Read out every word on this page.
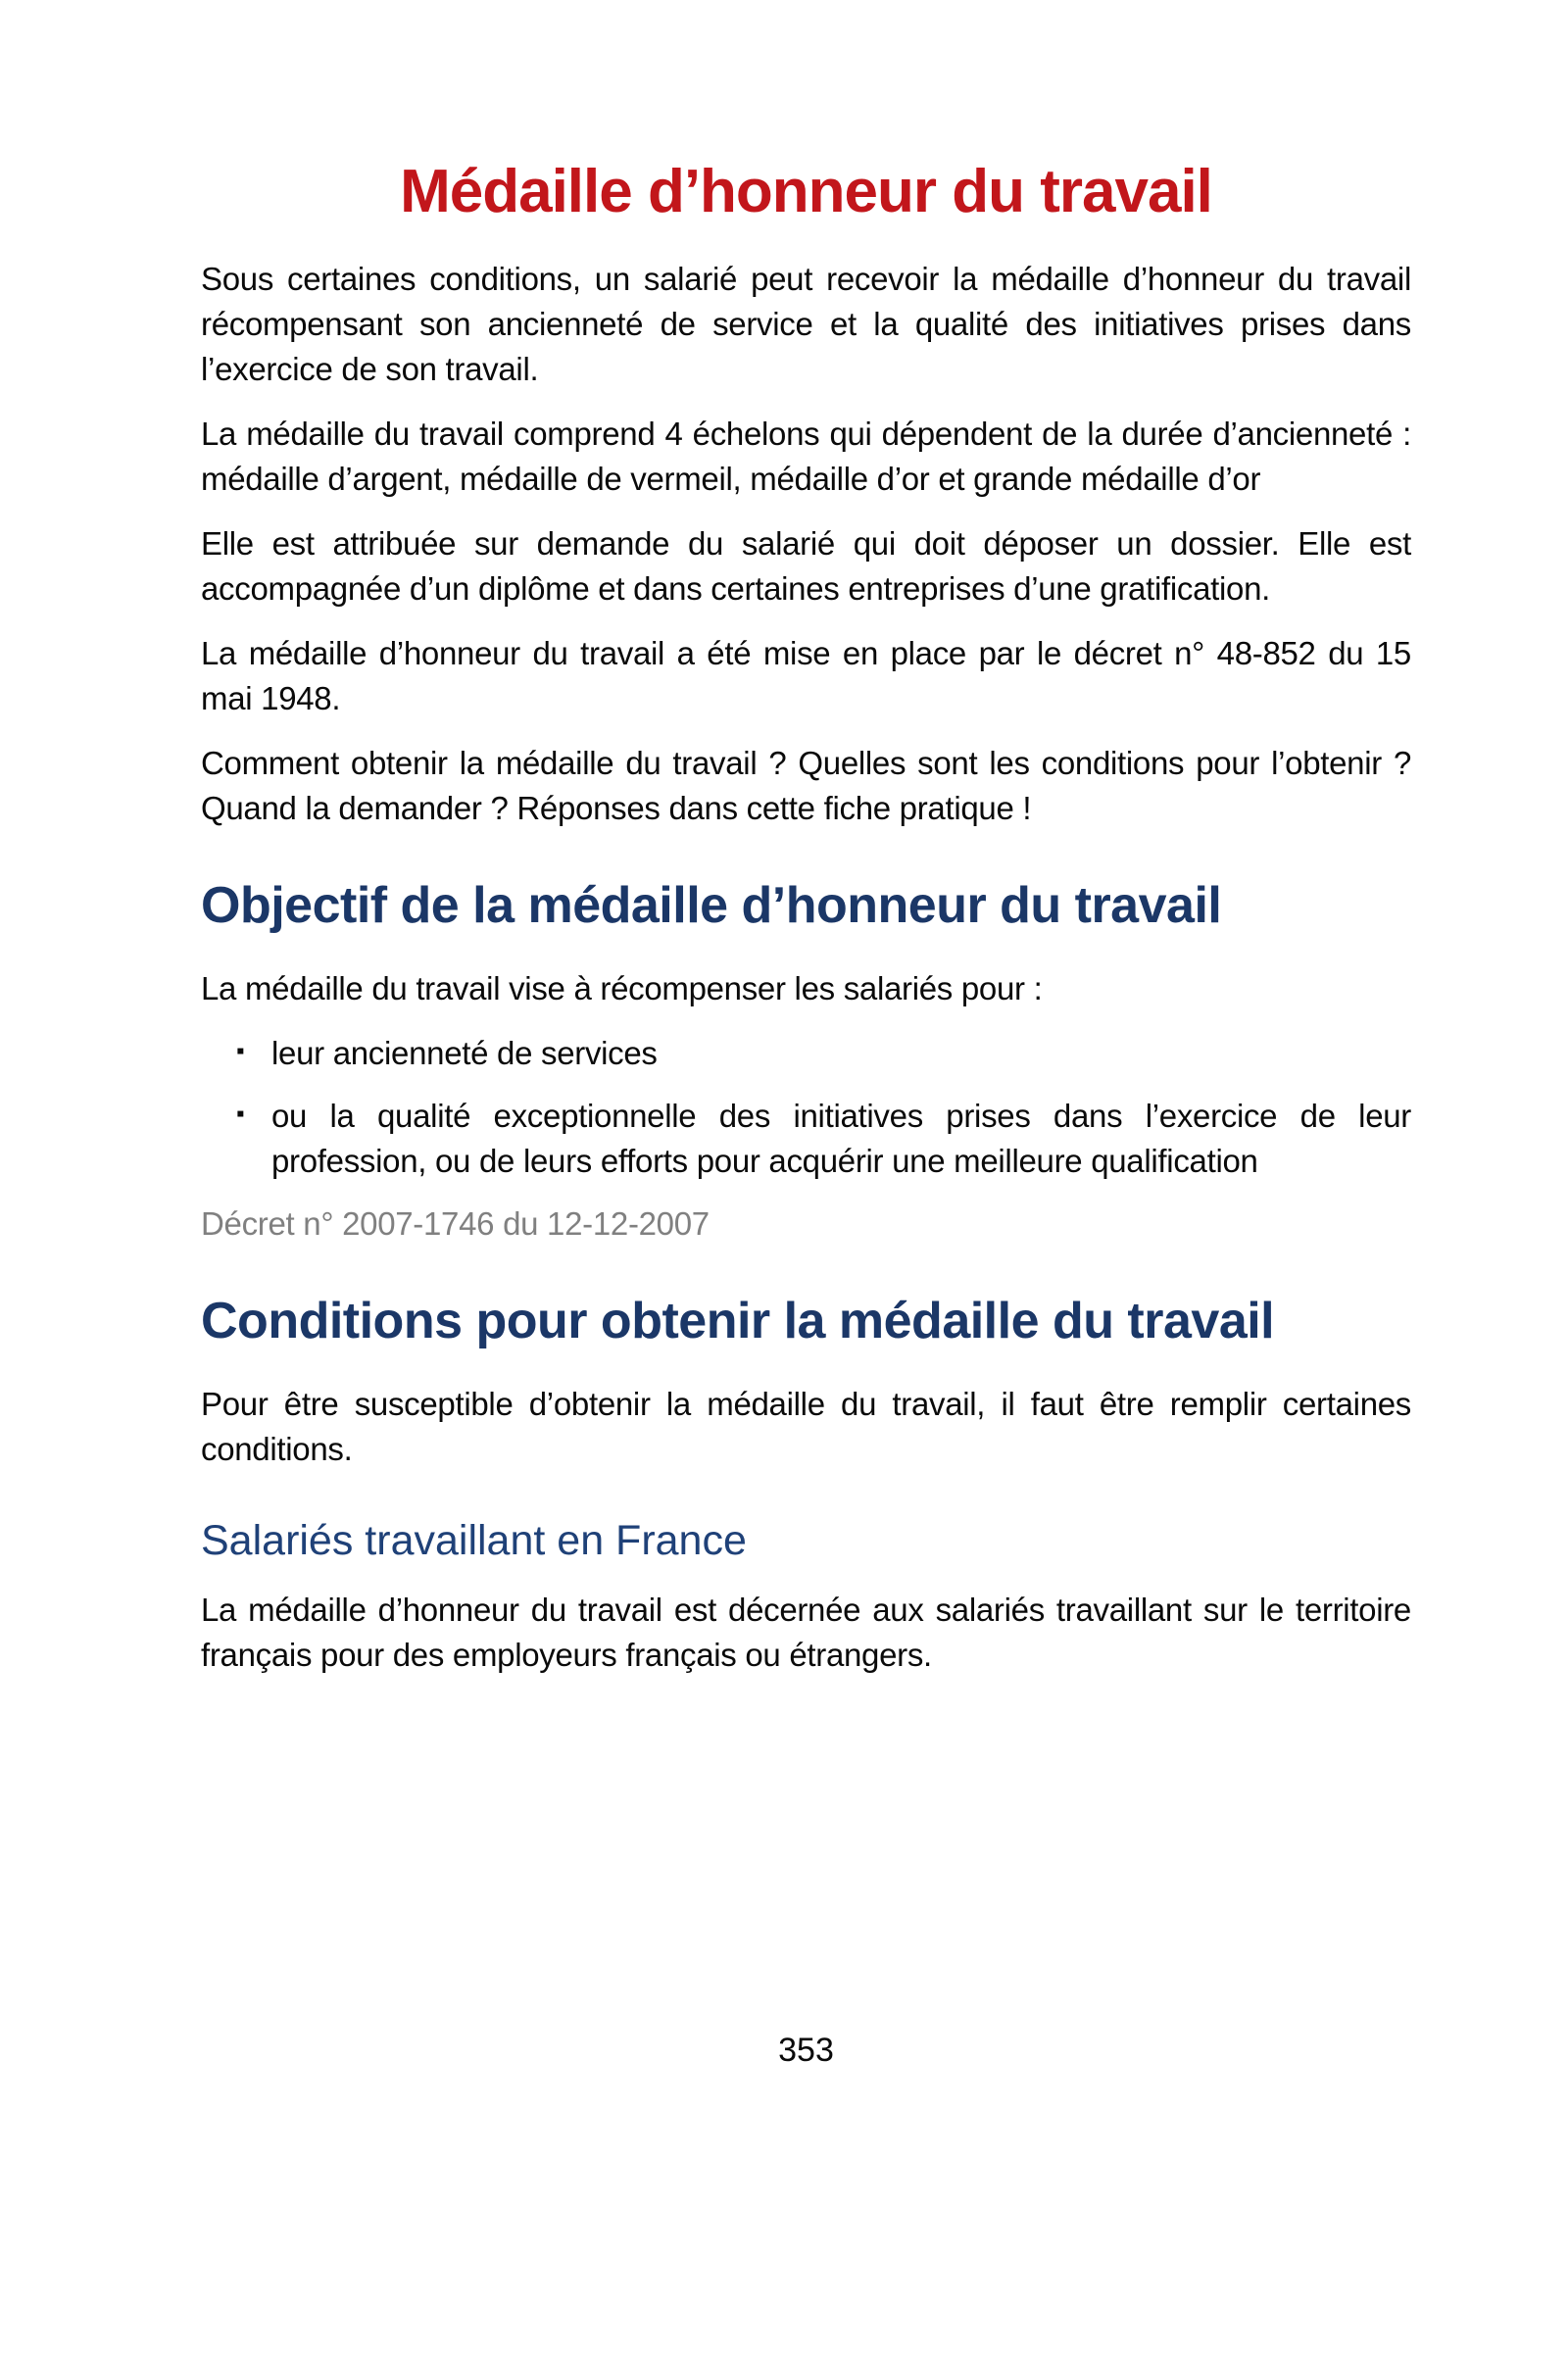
Médaille d’honneur du travail

Sous certaines conditions, un salarié peut recevoir la médaille d’honneur du travail récompensant son ancienneté de service et la qualité des initiatives prises dans l’exercice de son travail.

La médaille du travail comprend 4 échelons qui dépendent de la durée d’ancienneté : médaille d’argent, médaille de vermeil, médaille d’or et grande médaille d’or

Elle est attribuée sur demande du salarié qui doit déposer un dossier. Elle est accompagnée d’un diplôme et dans certaines entreprises d’une gratification.

La médaille d’honneur du travail a été mise en place par le décret n° 48-852 du 15 mai 1948.

Comment obtenir la médaille du travail ? Quelles sont les conditions pour l’obtenir ? Quand la demander ? Réponses dans cette fiche pratique !

Objectif de la médaille d’honneur du travail

La médaille du travail vise à récompenser les salariés pour :

▪ leur ancienneté de services
▪ ou la qualité exceptionnelle des initiatives prises dans l’exercice de leur profession, ou de leurs efforts pour acquérir une meilleure qualification

Décret n° 2007-1746 du 12-12-2007

Conditions pour obtenir la médaille du travail

Pour être susceptible d’obtenir la médaille du travail, il faut être remplir certaines conditions.

Salariés travaillant en France

La médaille d’honneur du travail est décernée aux salariés travaillant sur le territoire français pour des employeurs français ou étrangers.

353
